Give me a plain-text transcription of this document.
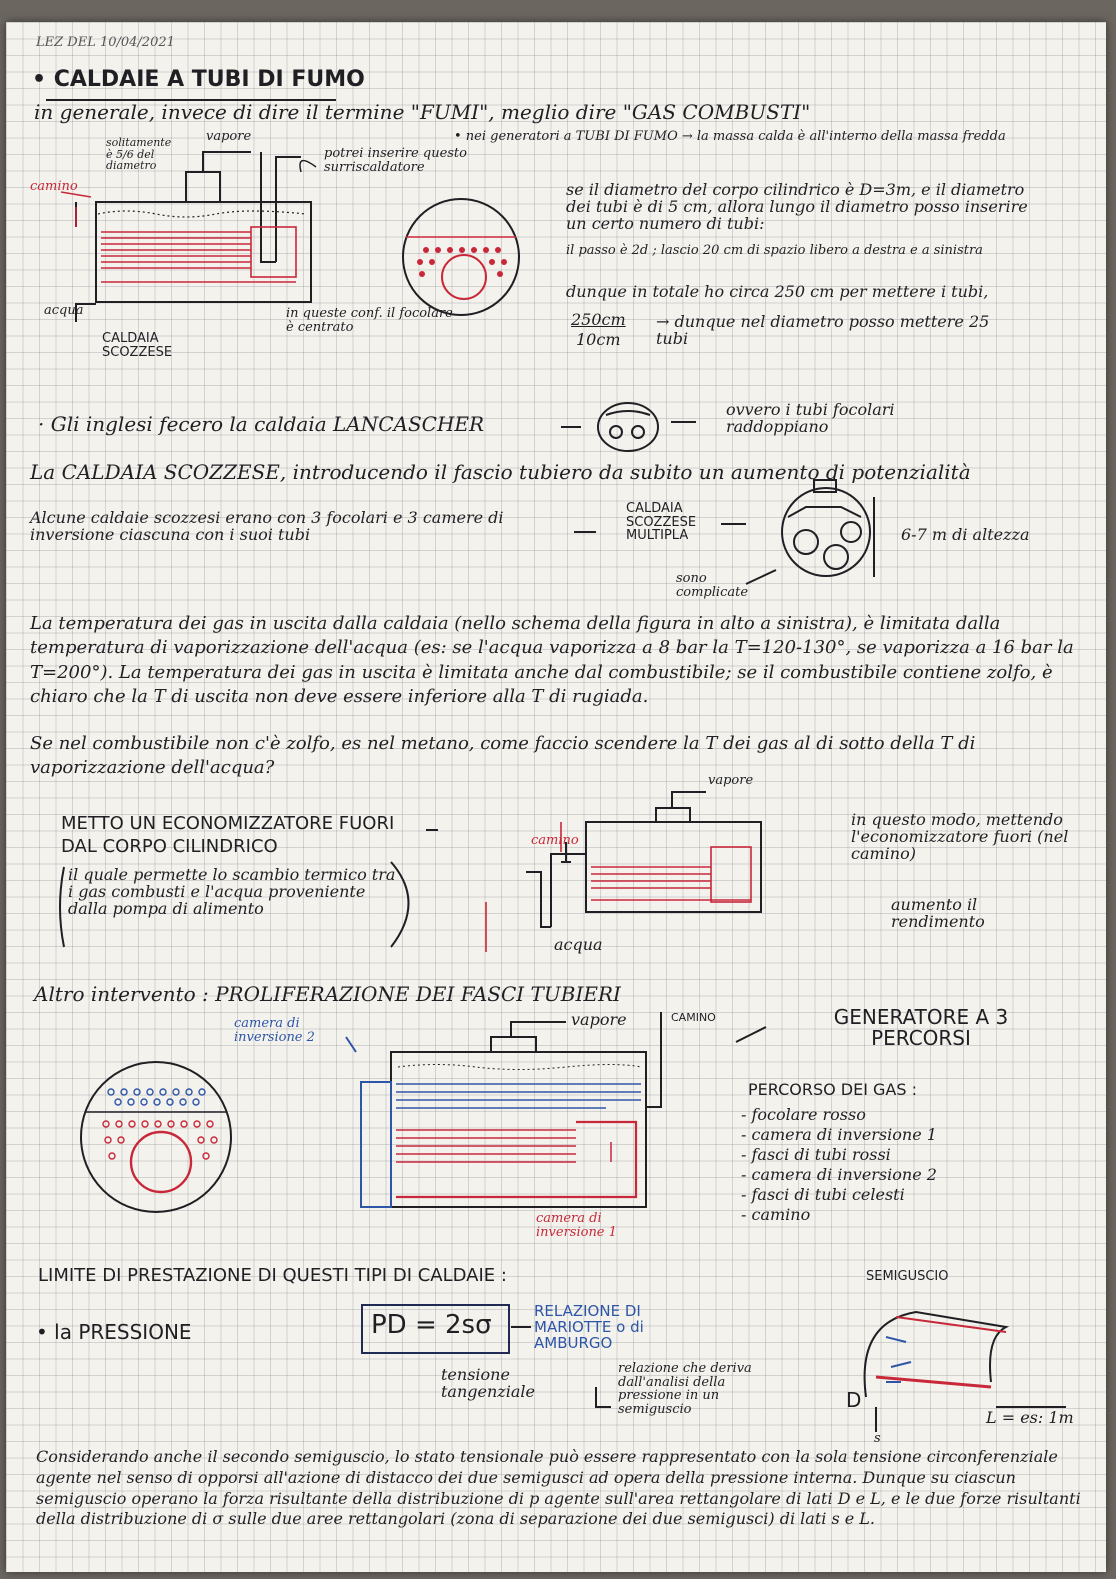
LEZ DEL 10/04/2021
• CALDAIE A TUBI DI FUMO
in generale, invece di dire il termine "FUMI", meglio dire "GAS COMBUSTI"
solitamente è 5/6 del diametro
vapore
camino
acqua
potrei inserire questo surriscaldatore
CALDAIA SCOZZESE
in queste conf. il focolare è centrato
• nei generatori a TUBI DI FUMO → la massa calda è all'interno della massa fredda
se il diametro del corpo cilindrico è D=3m, e il diametro dei tubi è di 5 cm, allora lungo il diametro posso inserire un certo numero di tubi:
il passo è 2d ; lascio 20 cm di spazio libero a destra e a sinistra
dunque in totale ho circa 250 cm per mettere i tubi,
250cm
10cm
→ dunque nel diametro posso mettere 25 tubi
· Gli inglesi fecero la caldaia LANCASCHER
ovvero i tubi focolari raddoppiano
La CALDAIA SCOZZESE, introducendo il fascio tubiero da subito un aumento di potenzialità
Alcune caldaie scozzesi erano con 3 focolari e 3 camere di inversione ciascuna con i suoi tubi
CALDAIA SCOZZESE MULTIPLA	6-7 m di altezza
sono complicate
La temperatura dei gas in uscita dalla caldaia (nello schema della figura in alto a sinistra), è limitata dalla temperatura di vaporizzazione dell'acqua (es: se l'acqua vaporizza a 8 bar la T=120-130°, se vaporizza a 16 bar la T=200°). La temperatura dei gas in uscita è limitata anche dal combustibile; se il combustibile contiene zolfo, è chiaro che la T di uscita non deve essere inferiore alla T di rugiada.
Se nel combustibile non c'è zolfo, es nel metano, come faccio scendere la T dei gas al di sotto della T di vaporizzazione dell'acqua?
METTO UN ECONOMIZZATORE FUORI DAL CORPO CILINDRICO
il quale permette lo scambio termico tra i gas combusti e l'acqua proveniente dalla pompa di alimento
vapore
camino
acqua
in questo modo, mettendo l'economizzatore fuori (nel camino)
aumento il rendimento
Altro intervento : PROLIFERAZIONE DEI FASCI TUBIERI
camera di inversione 2
vapore	CAMINO
camera di inversione 1
GENERATORE A 3 PERCORSI
PERCORSO DEI GAS :
- focolare rosso
- camera di inversione 1
- fasci di tubi rossi
- camera di inversione 2
- fasci di tubi celesti
- camino
LIMITE DI PRESTAZIONE DI QUESTI TIPI DI CALDAIE :
• la PRESSIONE	PD = 2sσ	RELAZIONE DI MARIOTTE o di AMBURGO
tensione tangenziale
relazione che deriva dall'analisi della pressione in un semiguscio
SEMIGUSCIO
D
s
L = es: 1m
Considerando anche il secondo semiguscio, lo stato tensionale può essere rappresentato con la sola tensione circonferenziale agente nel senso di opporsi all'azione di distacco dei due semigusci ad opera della pressione interna. Dunque su ciascun semiguscio operano la forza risultante della distribuzione di p agente sull'area rettangolare di lati D e L, e le due forze risultanti della distribuzione di σ sulle due aree rettangolari (zona di separazione dei due semigusci) di lati s e L.
